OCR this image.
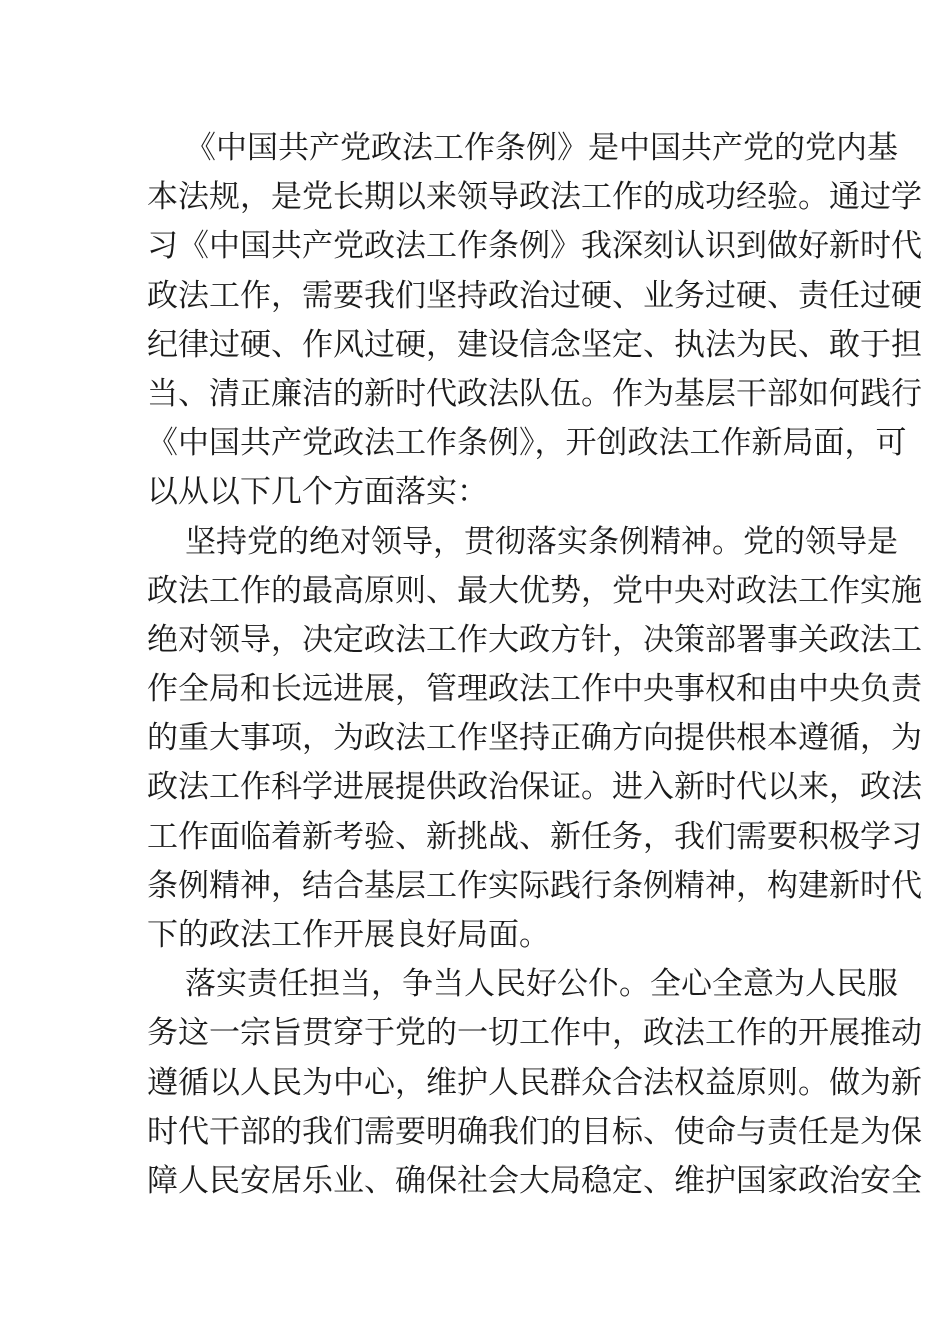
《中国共产党政法工作条例》是中国共产党的党内基
本法规，是党长期以来领导政法工作的成功经验。通过学
习《中国共产党政法工作条例》我深刻认识到做好新时代
政法工作，需要我们坚持政治过硬、业务过硬、责任过硬
纪律过硬、作风过硬，建设信念坚定、执法为民、敢于担
当、清正廉洁的新时代政法队伍。作为基层干部如何践行
《中国共产党政法工作条例》，开创政法工作新局面，可
以从以下几个方面落实：
坚持党的绝对领导，贯彻落实条例精神。党的领导是
政法工作的最高原则、最大优势，党中央对政法工作实施
绝对领导，决定政法工作大政方针，决策部署事关政法工
作全局和长远进展，管理政法工作中央事权和由中央负责
的重大事项，为政法工作坚持正确方向提供根本遵循，为
政法工作科学进展提供政治保证。进入新时代以来，政法
工作面临着新考验、新挑战、新任务，我们需要积极学习
条例精神，结合基层工作实际践行条例精神，构建新时代
下的政法工作开展良好局面。
落实责任担当，争当人民好公仆。全心全意为人民服
务这一宗旨贯穿于党的一切工作中，政法工作的开展推动
遵循以人民为中心，维护人民群众合法权益原则。做为新
时代干部的我们需要明确我们的目标、使命与责任是为保
障人民安居乐业、确保社会大局稳定、维护国家政治安全
